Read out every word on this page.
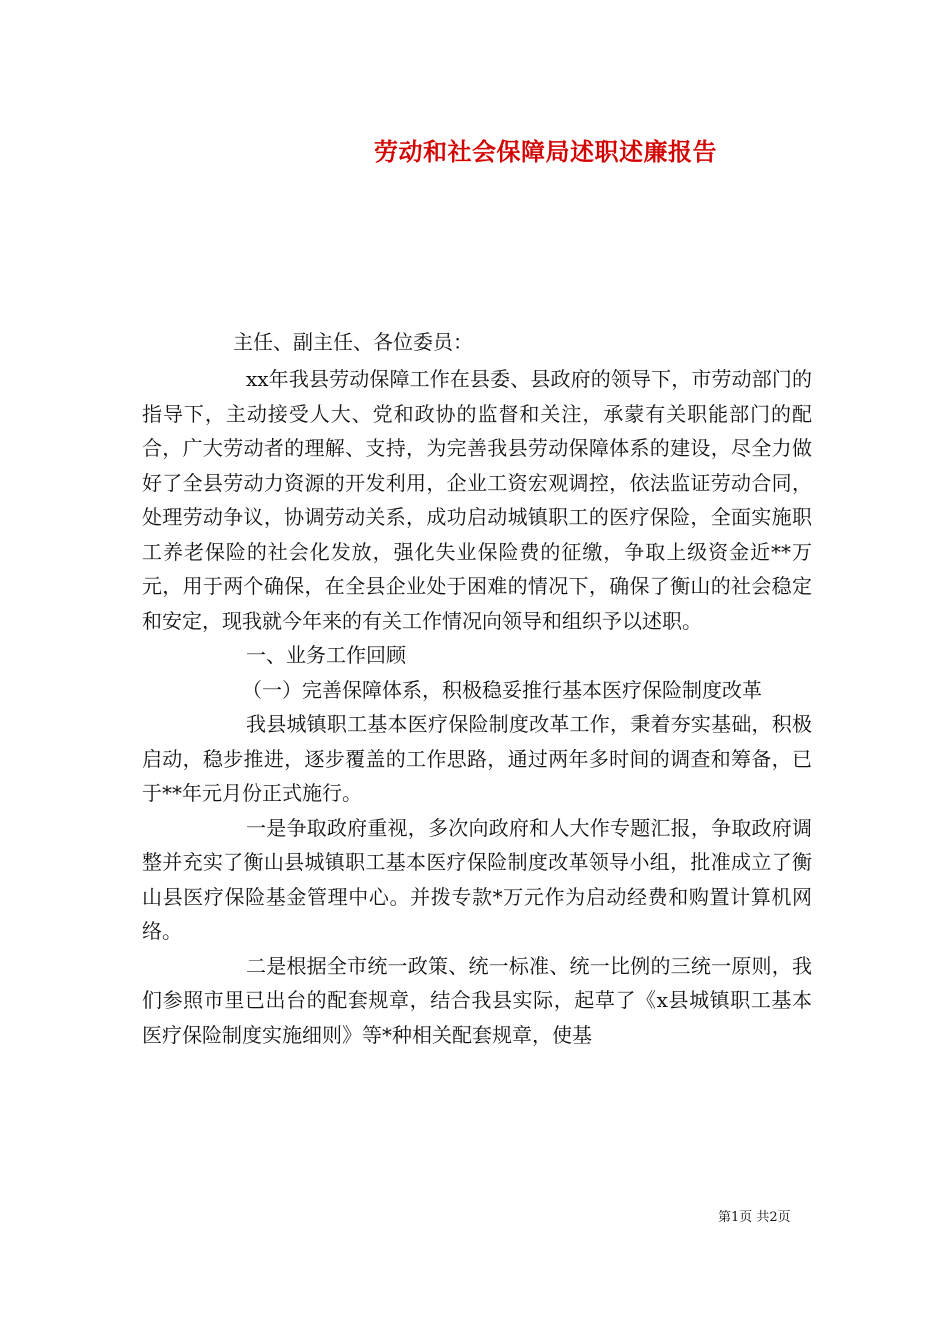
劳动和社会保障局述职述廉报告
主任、副主任、各位委员：

xx年我县劳动保障工作在县委、县政府的领导下，市劳动部门的指导下，主动接受人大、党和政协的监督和关注，承蒙有关职能部门的配合，广大劳动者的理解、支持，为完善我县劳动保障体系的建设，尽全力做好了全县劳动力资源的开发利用，企业工资宏观调控，依法监证劳动合同，处理劳动争议，协调劳动关系，成功启动城镇职工的医疗保险，全面实施职工养老保险的社会化发放，强化失业保险费的征缴，争取上级资金近**万元，用于两个确保，在全县企业处于困难的情况下，确保了衡山的社会稳定和安定，现我就今年来的有关工作情况向领导和组织予以述职。

一、业务工作回顾

（一）完善保障体系，积极稳妥推行基本医疗保险制度改革

我县城镇职工基本医疗保险制度改革工作，秉着夯实基础，积极启动，稳步推进，逐步覆盖的工作思路，通过两年多时间的调查和筹备，已于**年元月份正式施行。

一是争取政府重视，多次向政府和人大作专题汇报，争取政府调整并充实了衡山县城镇职工基本医疗保险制度改革领导小组，批准成立了衡山县医疗保险基金管理中心。并拨专款*万元作为启动经费和购置计算机网络。

二是根据全市统一政策、统一标准、统一比例的三统一原则，我们参照市里已出台的配套规章，结合我县实际，起草了《x县城镇职工基本医疗保险制度实施细则》等*种相关配套规章，使基

第1页 共2页
